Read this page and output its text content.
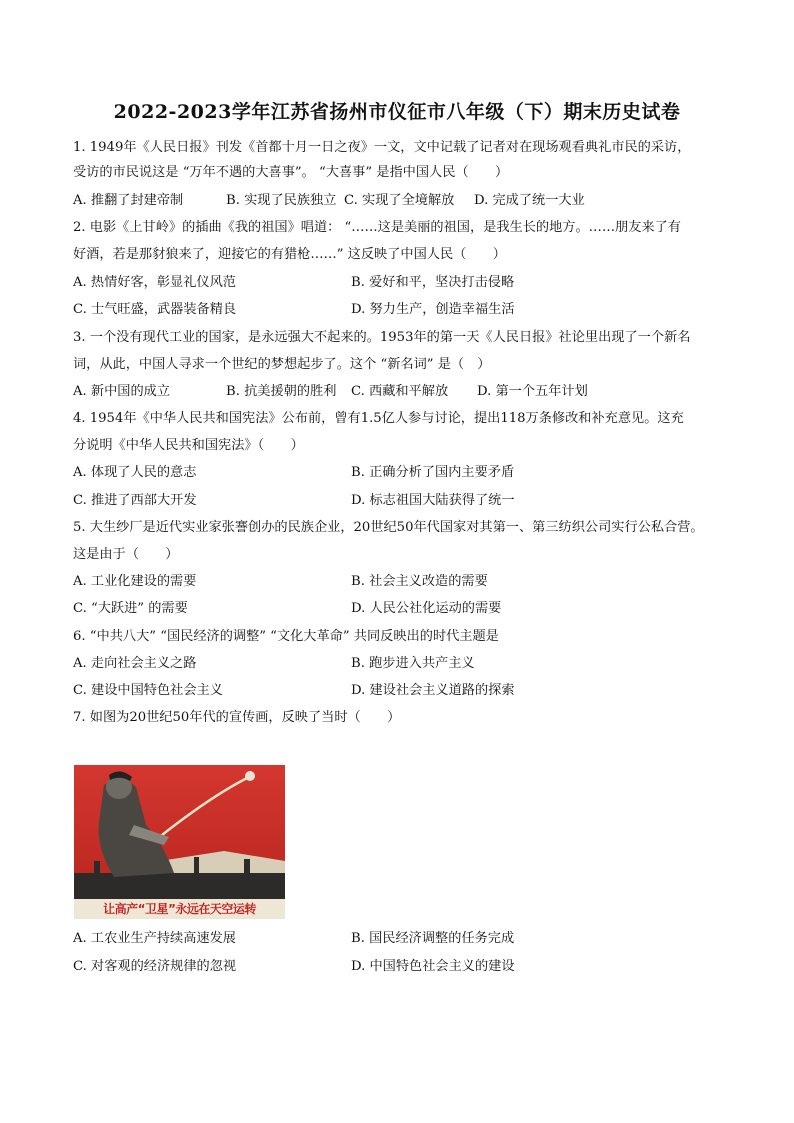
2022-2023学年江苏省扬州市仪征市八年级（下）期末历史试卷
1. 1949年《人民日报》刊发《首都十月一日之夜》一文，文中记载了记者对在现场观看典礼市民的采访，
受访的市民说这是 “万年不遇的大喜事”。 “大喜事” 是指中国人民（　　）
A. 推翻了封建帝制	B. 实现了民族独立 C. 实现了全境解放 D. 完成了统一大业
2. 电影《上甘岭》的插曲《我的祖国》唱道： “……这是美丽的祖国，是我生长的地方。……朋友来了有
好酒，若是那豺狼来了，迎接它的有猎枪……” 这反映了中国人民（　　）
A. 热情好客，彰显礼仪风范	B. 爱好和平，坚决打击侵略
C. 士气旺盛，武器装备精良	D. 努力生产，创造幸福生活
3. 一个没有现代工业的国家，是永远强大不起来的。1953年的第一天《人民日报》社论里出现了一个新名
词，从此，中国人寻求一个世纪的梦想起步了。这个 “新名词” 是（　）
A. 新中国的成立	B. 抗美援朝的胜利 C. 西藏和平解放 D. 第一个五年计划
4. 1954年《中华人民共和国宪法》公布前，曾有1.5亿人参与讨论，提出118万条修改和补充意见。这充
分说明《中华人民共和国宪法》（　　）
A. 体现了人民的意志	B. 正确分析了国内主要矛盾
C. 推进了西部大开发	D. 标志祖国大陆获得了统一
5. 大生纱厂是近代实业家张謇创办的民族企业，20世纪50年代国家对其第一、第三纺织公司实行公私合营。
这是由于（　　）
A. 工业化建设的需要	B. 社会主义改造的需要
C. “大跃进” 的需要	D. 人民公社化运动的需要
6. “中共八大” “国民经济的调整” “文化大革命” 共同反映出的时代主题是
A. 走向社会主义之路	B. 跑步进入共产主义
C. 建设中国特色社会主义	D. 建设社会主义道路的探索
7. 如图为20世纪50年代的宣传画，反映了当时（　　）
让高产“卫星”永远在天空运转
A. 工农业生产持续高速发展	B. 国民经济调整的任务完成
C. 对客观的经济规律的忽视	D. 中国特色社会主义的建设
